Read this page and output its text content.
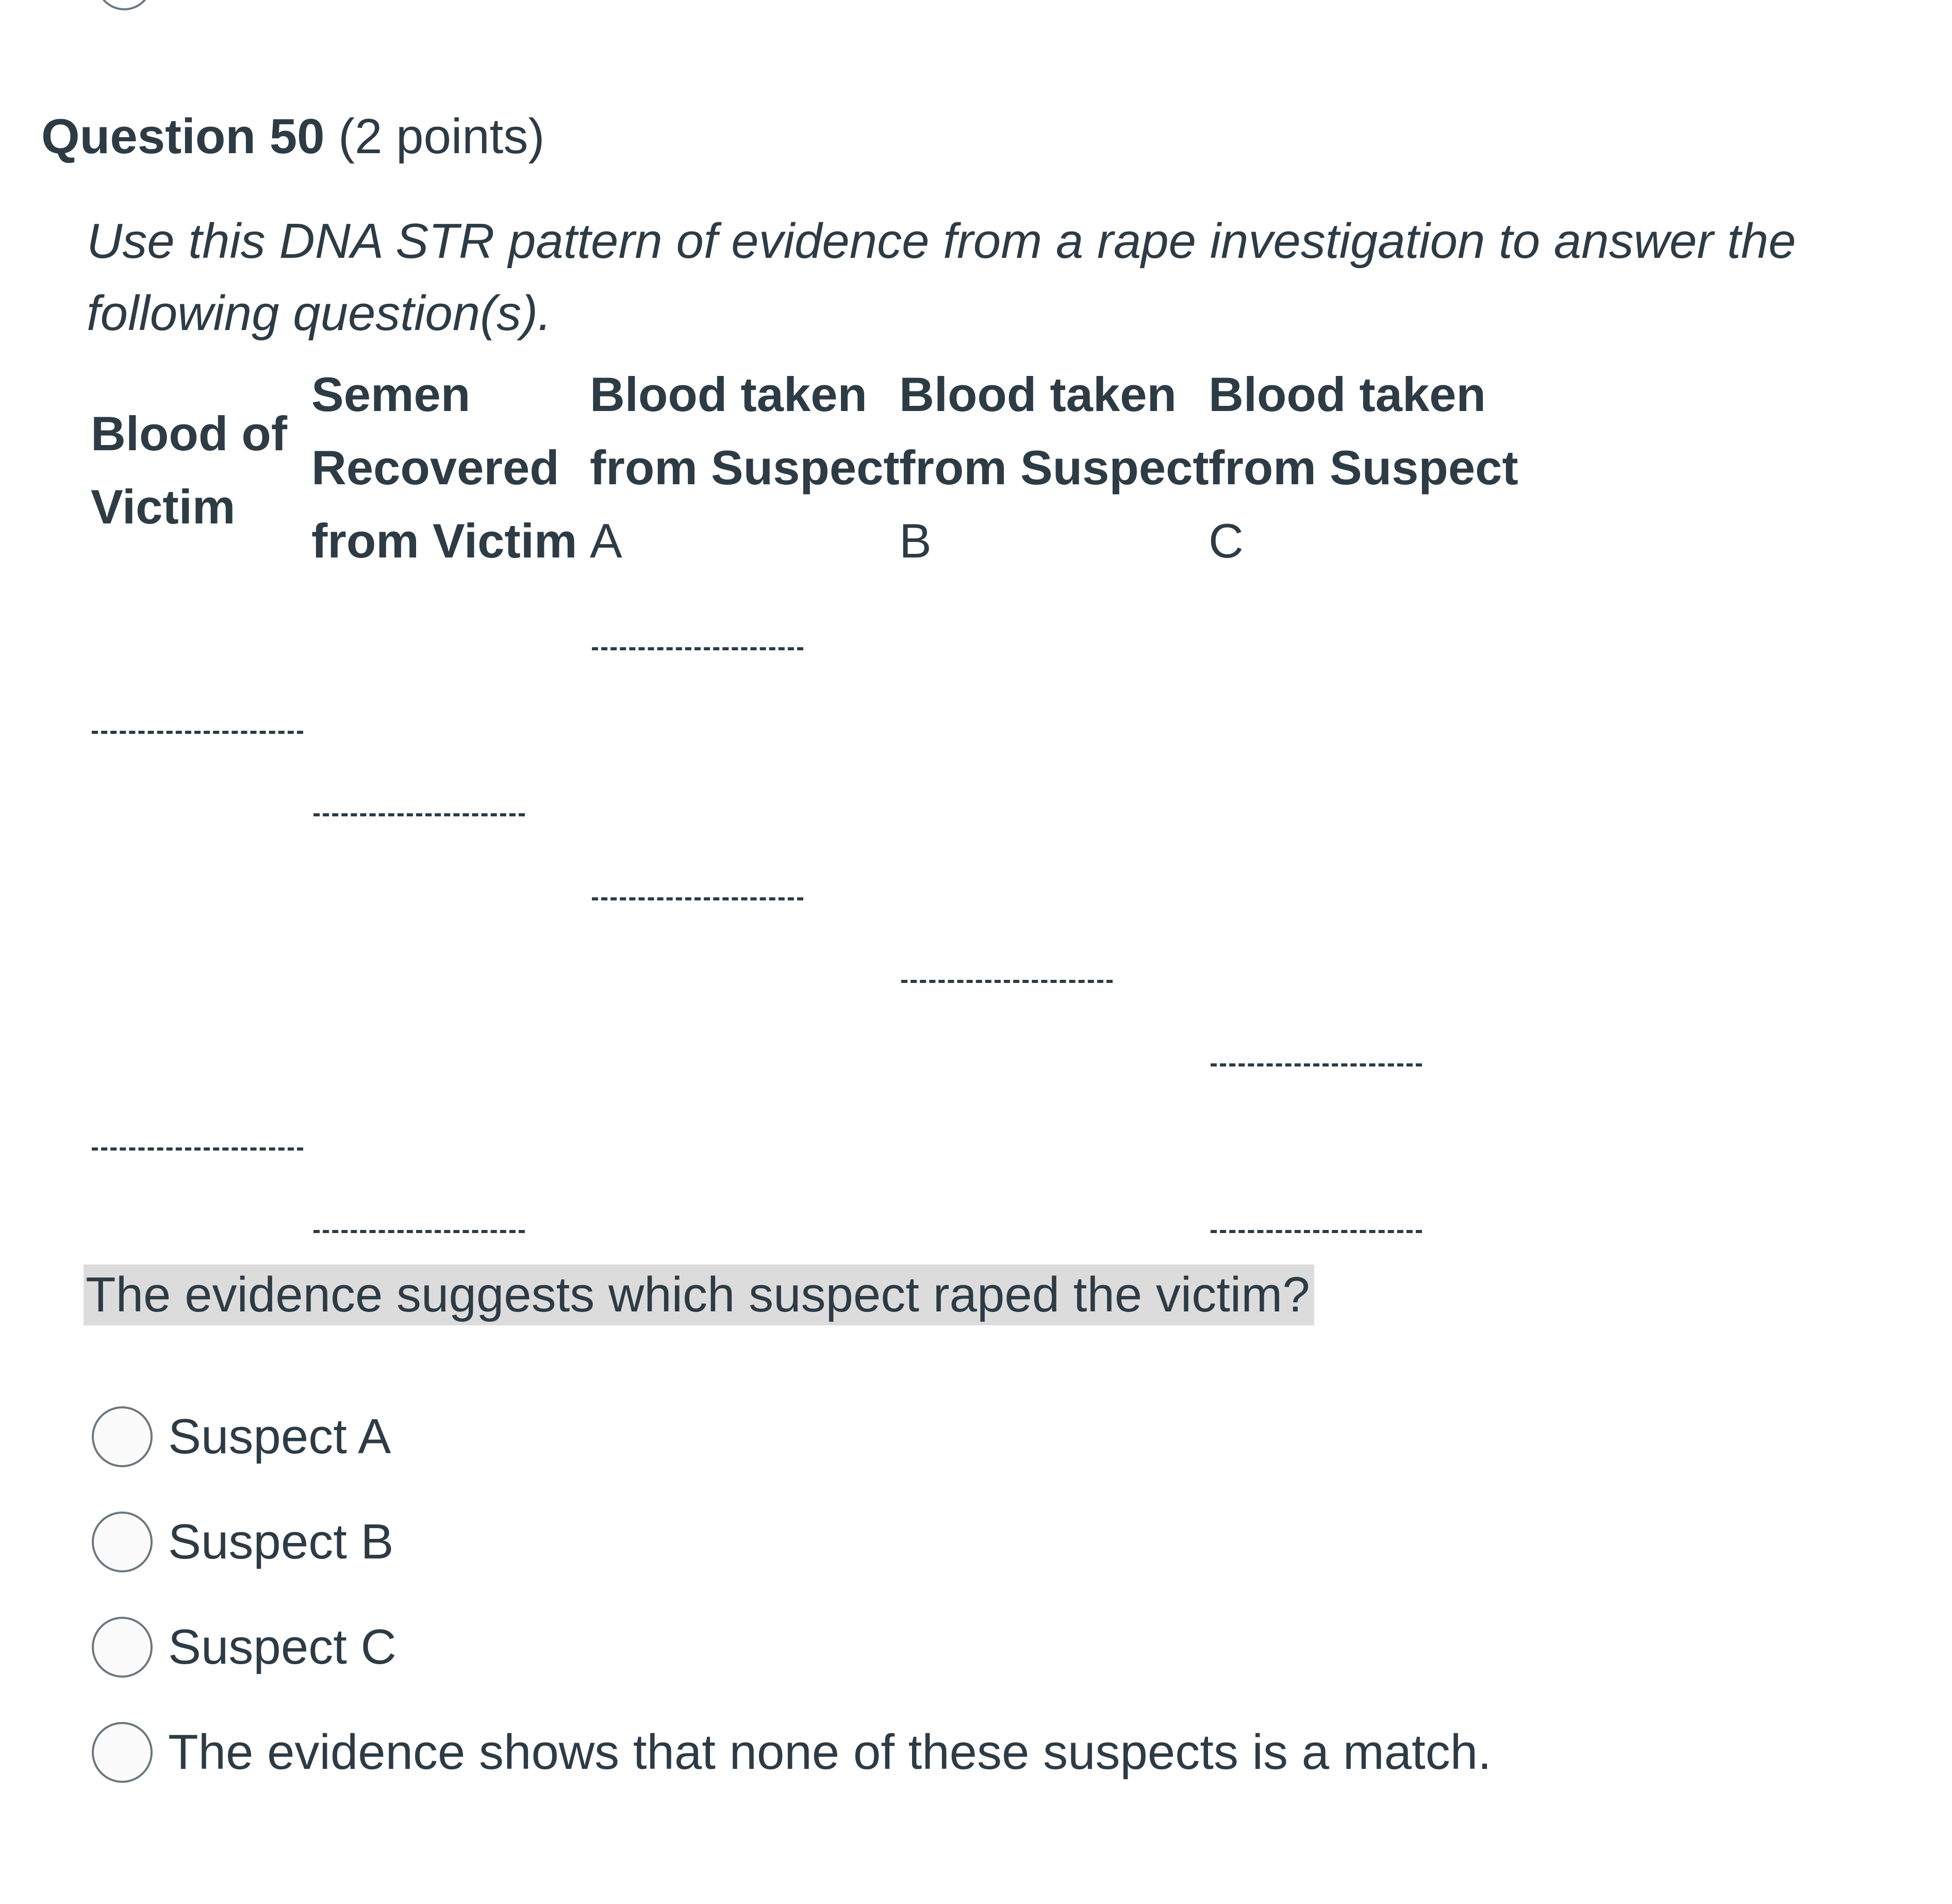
Question 50 (2 points)
Use this DNA STR pattern of evidence from a rape investigation to answer the following question(s).
Blood of
Victim
Semen
Recovered
from Victim
Blood taken
from Suspect
A
Blood taken
from Suspect
B
Blood taken
from Suspect
C
The evidence suggests which suspect raped the victim?
Suspect A
Suspect B
Suspect C
The evidence shows that none of these suspects is a match.
